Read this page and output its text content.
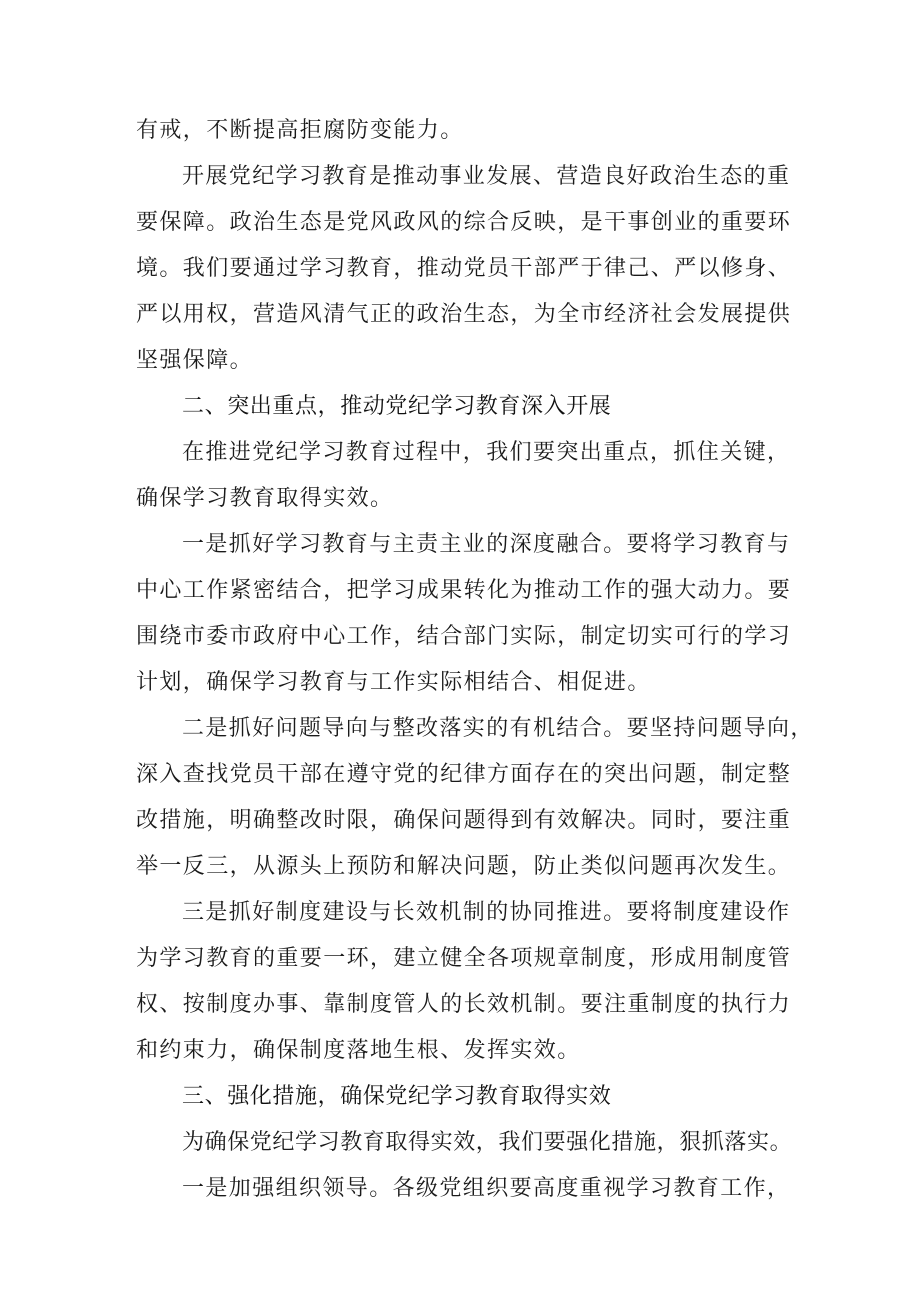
有戒，不断提高拒腐防变能力。
开展党纪学习教育是推动事业发展、营造良好政治生态的重
要保障。政治生态是党风政风的综合反映，是干事创业的重要环
境。我们要通过学习教育，推动党员干部严于律己、严以修身、
严以用权，营造风清气正的政治生态，为全市经济社会发展提供
坚强保障。
二、突出重点，推动党纪学习教育深入开展
在推进党纪学习教育过程中，我们要突出重点，抓住关键，
确保学习教育取得实效。
一是抓好学习教育与主责主业的深度融合。要将学习教育与
中心工作紧密结合，把学习成果转化为推动工作的强大动力。要
围绕市委市政府中心工作，结合部门实际，制定切实可行的学习
计划，确保学习教育与工作实际相结合、相促进。
二是抓好问题导向与整改落实的有机结合。要坚持问题导向，
深入查找党员干部在遵守党的纪律方面存在的突出问题，制定整
改措施，明确整改时限，确保问题得到有效解决。同时，要注重
举一反三，从源头上预防和解决问题，防止类似问题再次发生。
三是抓好制度建设与长效机制的协同推进。要将制度建设作
为学习教育的重要一环，建立健全各项规章制度，形成用制度管
权、按制度办事、靠制度管人的长效机制。要注重制度的执行力
和约束力，确保制度落地生根、发挥实效。
三、强化措施，确保党纪学习教育取得实效
为确保党纪学习教育取得实效，我们要强化措施，狠抓落实。
一是加强组织领导。各级党组织要高度重视学习教育工作，
